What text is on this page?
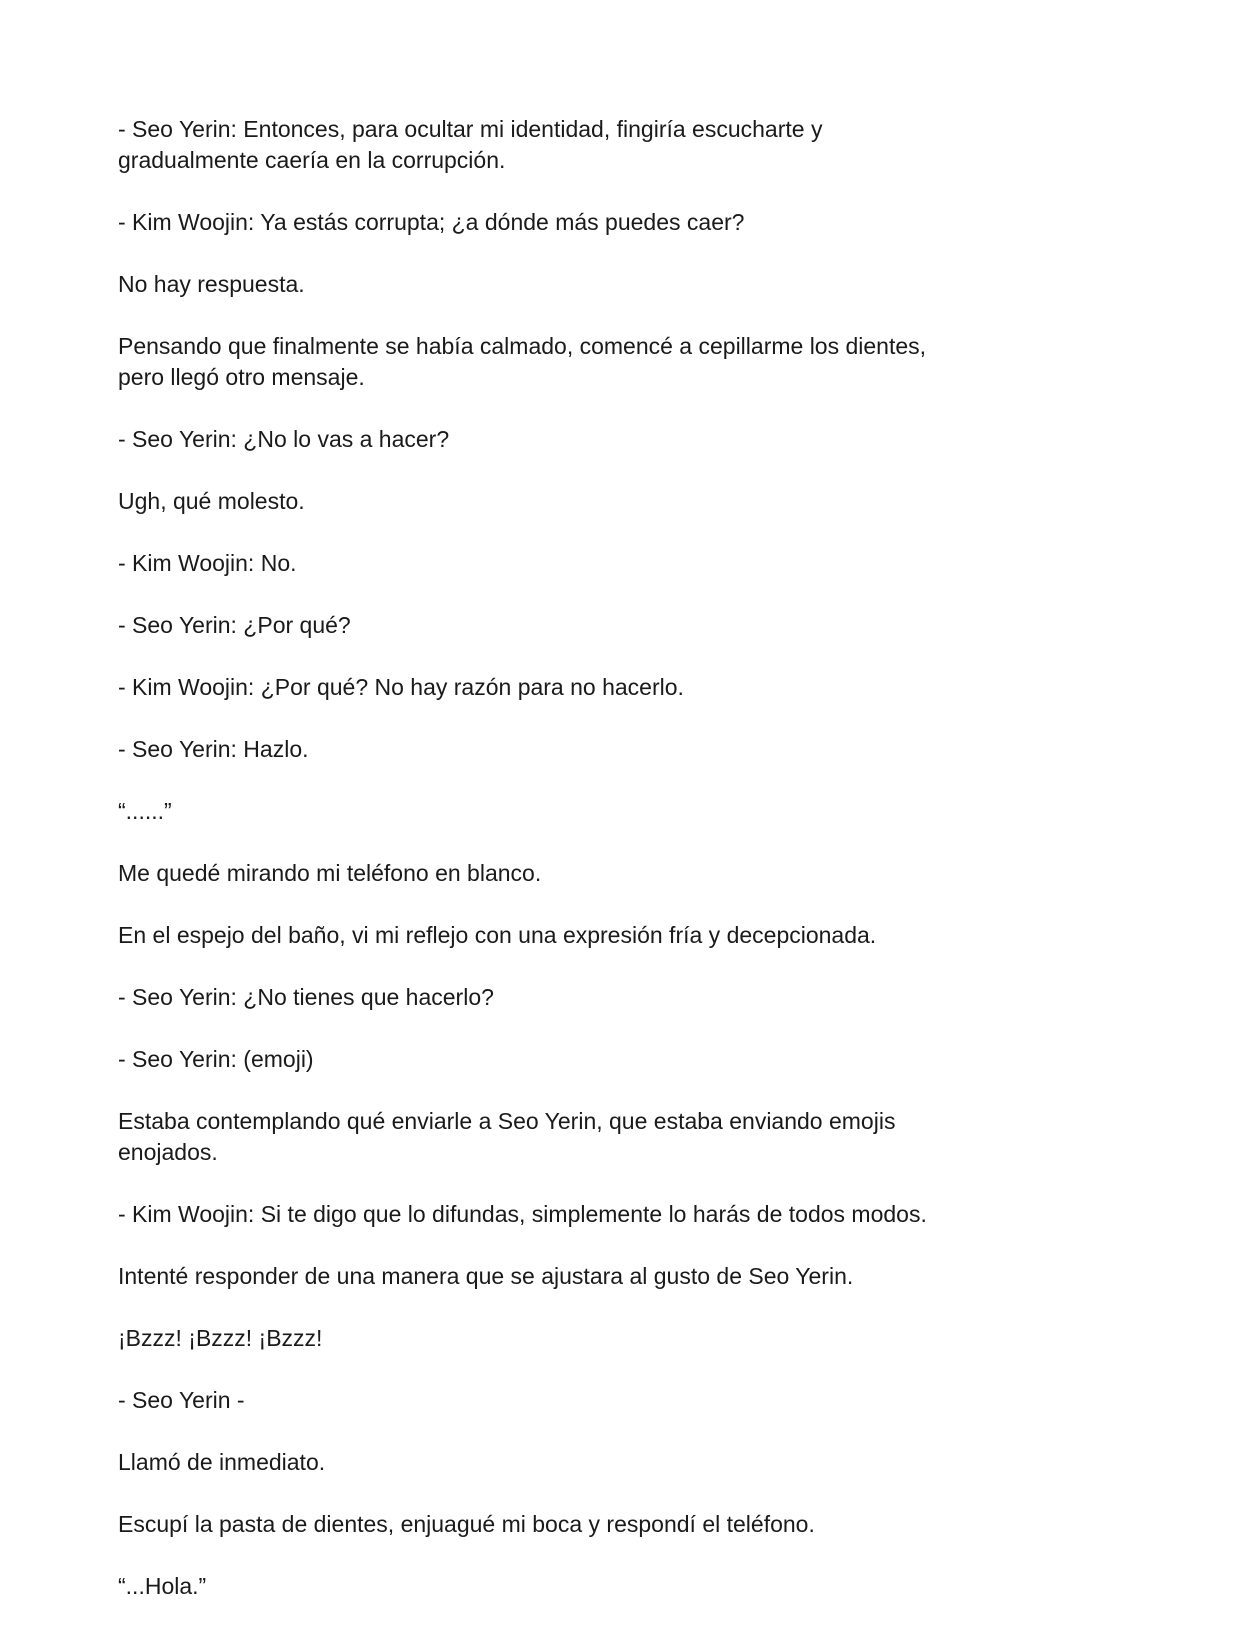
- Seo Yerin: Entonces, para ocultar mi identidad, fingiría escucharte y
gradualmente caería en la corrupción.

- Kim Woojin: Ya estás corrupta; ¿a dónde más puedes caer?

No hay respuesta.

Pensando que finalmente se había calmado, comencé a cepillarme los dientes,
pero llegó otro mensaje.

- Seo Yerin: ¿No lo vas a hacer?

Ugh, qué molesto.

- Kim Woojin: No.

- Seo Yerin: ¿Por qué?

- Kim Woojin: ¿Por qué? No hay razón para no hacerlo.

- Seo Yerin: Hazlo.

“......”

Me quedé mirando mi teléfono en blanco.

En el espejo del baño, vi mi reflejo con una expresión fría y decepcionada.

- Seo Yerin: ¿No tienes que hacerlo?

- Seo Yerin: (emoji)

Estaba contemplando qué enviarle a Seo Yerin, que estaba enviando emojis
enojados.

- Kim Woojin: Si te digo que lo difundas, simplemente lo harás de todos modos.

Intenté responder de una manera que se ajustara al gusto de Seo Yerin.

¡Bzzz! ¡Bzzz! ¡Bzzz!

- Seo Yerin -

Llamó de inmediato.

Escupí la pasta de dientes, enjuagué mi boca y respondí el teléfono.

“...Hola.”
